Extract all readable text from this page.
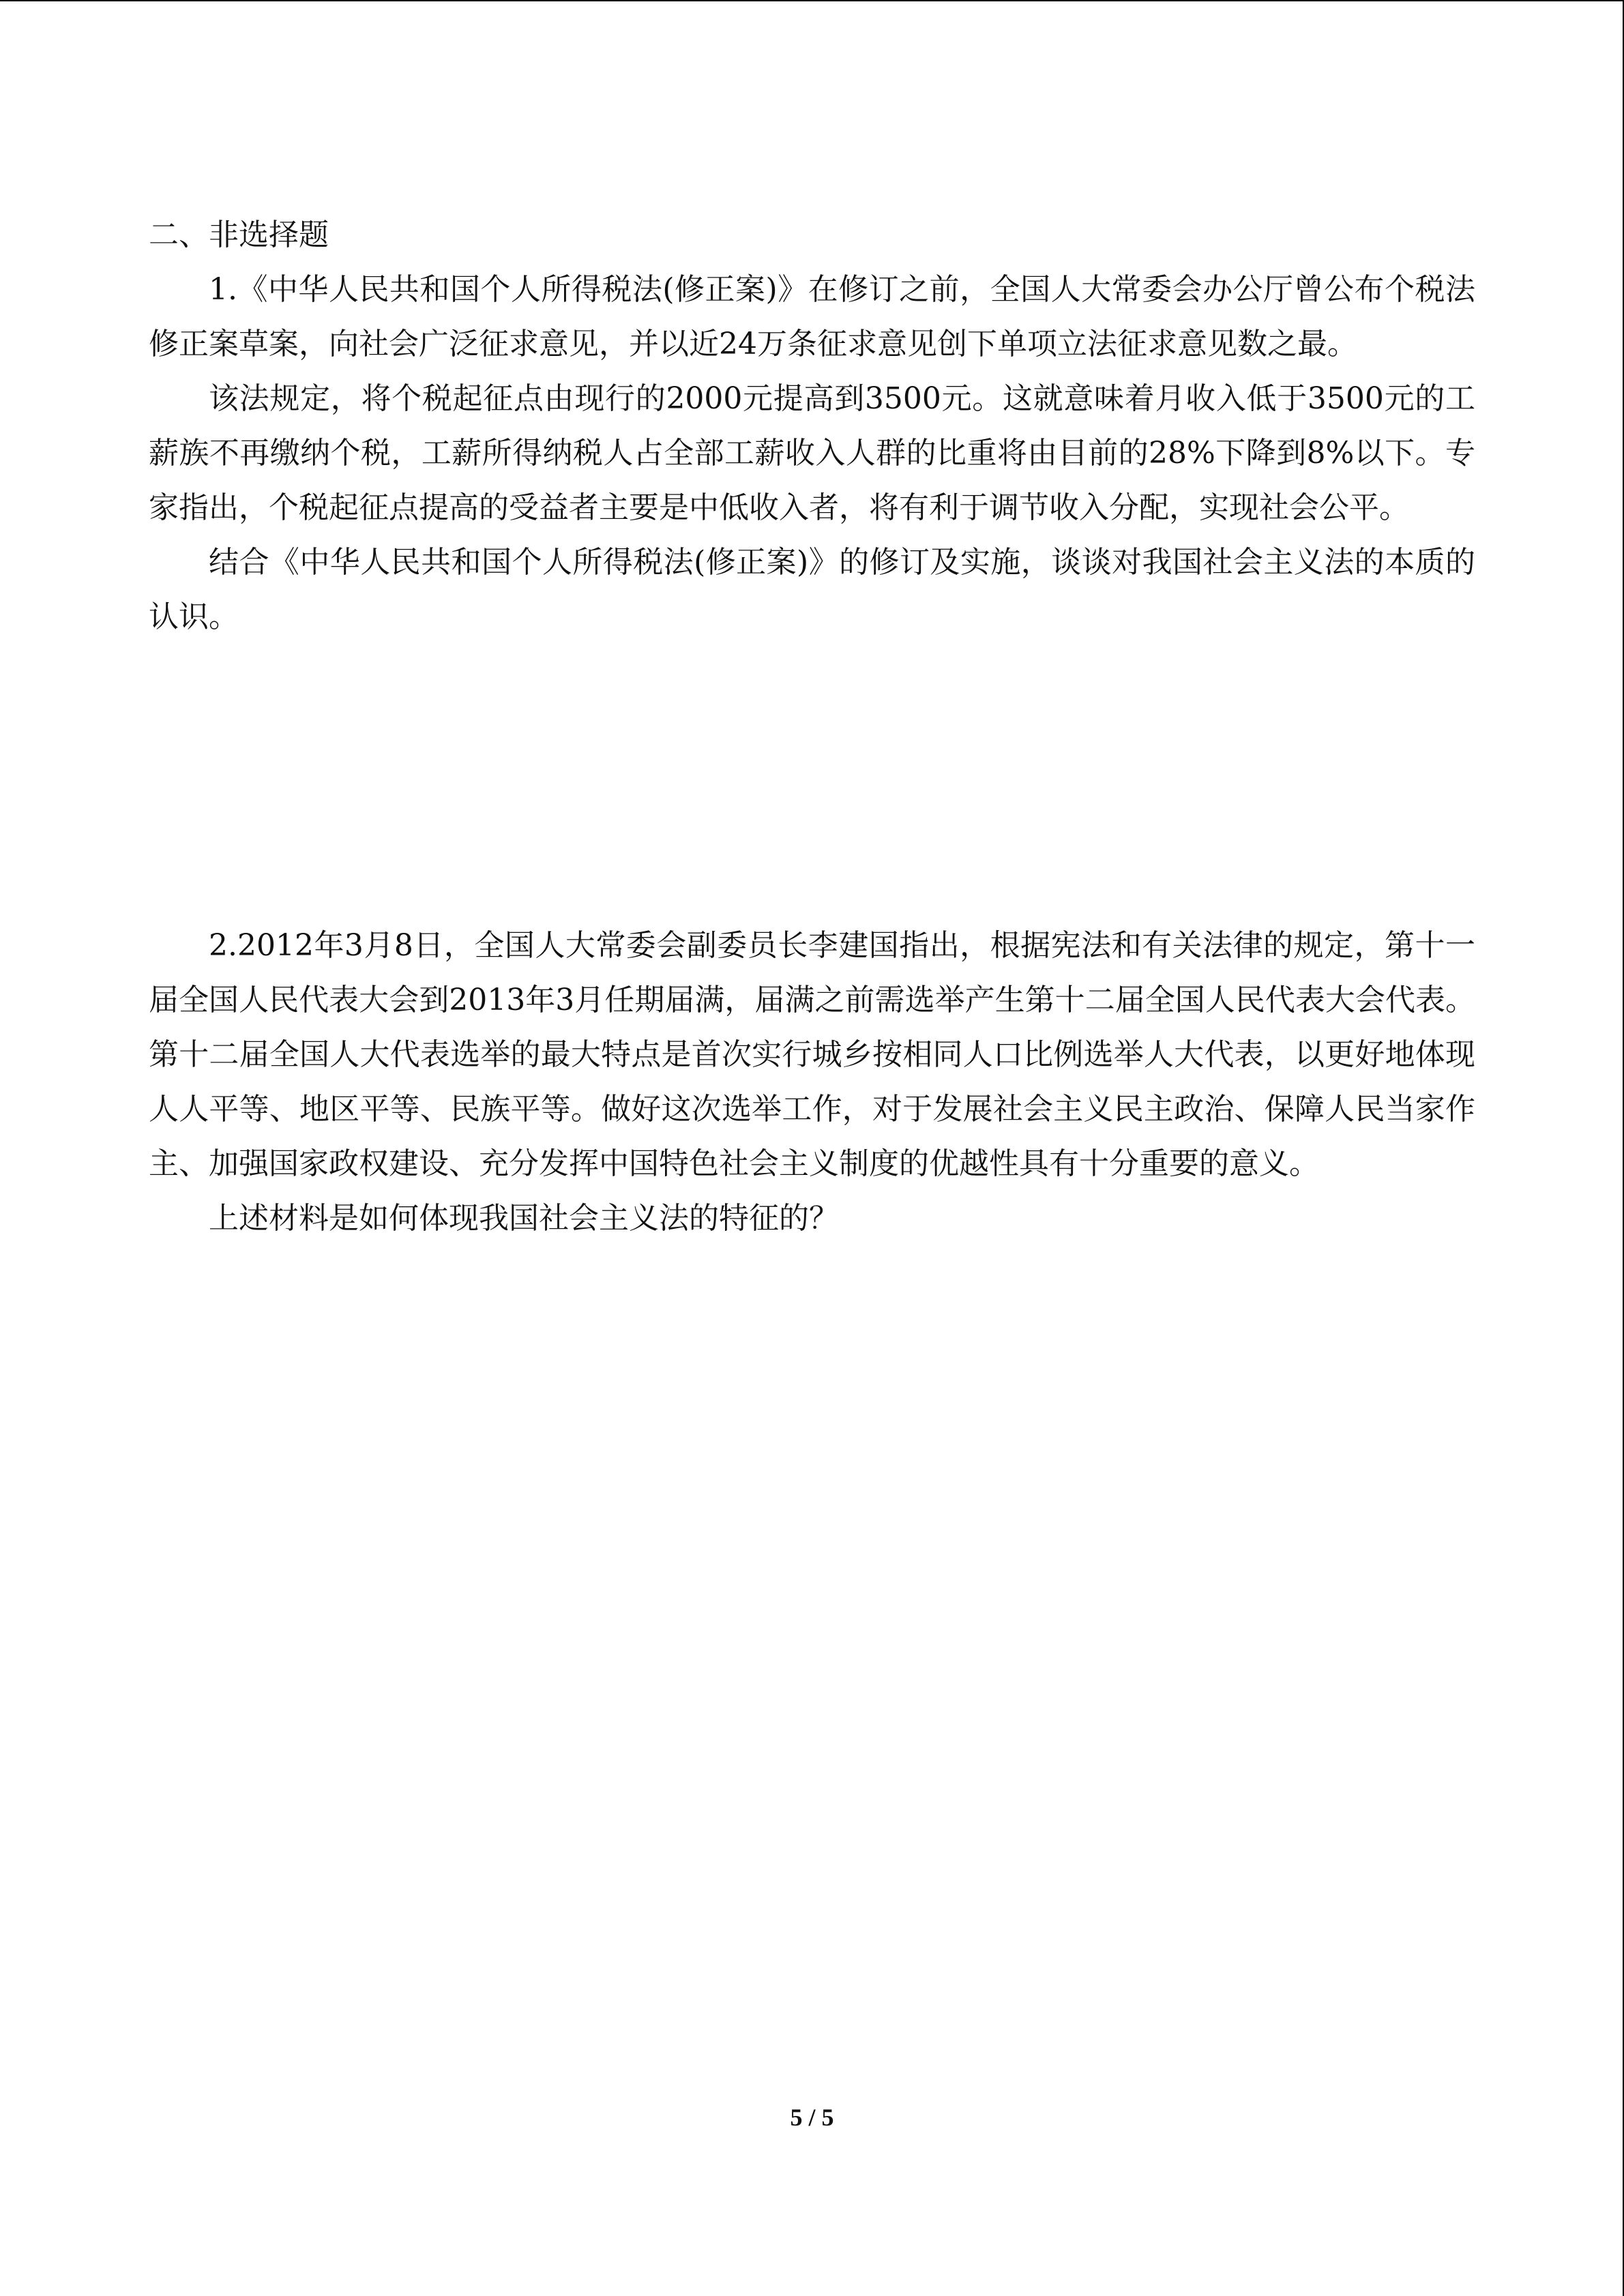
二、非选择题

1.《中华人民共和国个人所得税法(修正案)》在修订之前，全国人大常委会办公厅曾公布个税法修正案草案，向社会广泛征求意见，并以近24万条征求意见创下单项立法征求意见数之最。

该法规定，将个税起征点由现行的2000元提高到3500元。这就意味着月收入低于3500元的工薪族不再缴纳个税，工薪所得纳税人占全部工薪收入人群的比重将由目前的28%下降到8%以下。专家指出，个税起征点提高的受益者主要是中低收入者，将有利于调节收入分配，实现社会公平。

结合《中华人民共和国个人所得税法(修正案)》的修订及实施，谈谈对我国社会主义法的本质的认识。

2.2012年3月8日，全国人大常委会副委员长李建国指出，根据宪法和有关法律的规定，第十一届全国人民代表大会到2013年3月任期届满，届满之前需选举产生第十二届全国人民代表大会代表。第十二届全国人大代表选举的最大特点是首次实行城乡按相同人口比例选举人大代表，以更好地体现人人平等、地区平等、民族平等。做好这次选举工作，对于发展社会主义民主政治、保障人民当家作主、加强国家政权建设、充分发挥中国特色社会主义制度的优越性具有十分重要的意义。

上述材料是如何体现我国社会主义法的特征的？

5 / 5
